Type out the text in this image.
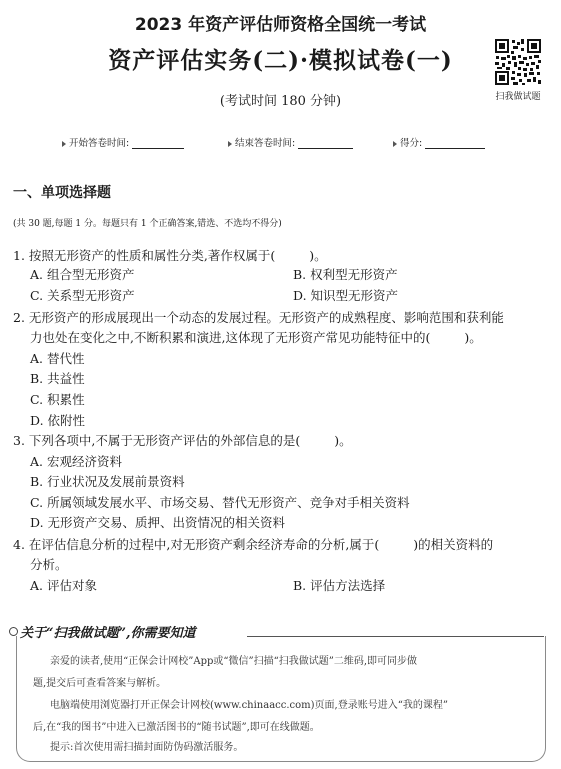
2023 年资产评估师资格全国统一考试
资产评估实务(二)·模拟试卷(一)
(考试时间 180 分钟)	扫我做试题
开始答卷时间:	结束答卷时间:	得分:
一、单项选择题
(共 30 题,每题 1 分。每题只有 1 个正确答案,错选、不选均不得分)
1. 按照无形资产的性质和属性分类,著作权属于(	)。
A. 组合型无形资产	B. 权利型无形资产
C. 关系型无形资产	D. 知识型无形资产
2. 无形资产的形成展现出一个动态的发展过程。无形资产的成熟程度、影响范围和获利能
力也处在变化之中,不断积累和演进,这体现了无形资产常见功能特征中的(	)。
A. 替代性
B. 共益性
C. 积累性
D. 依附性
3. 下列各项中,不属于无形资产评估的外部信息的是(	)。
A. 宏观经济资料
B. 行业状况及发展前景资料
C. 所属领域发展水平、市场交易、替代无形资产、竞争对手相关资料
D. 无形资产交易、质押、出资情况的相关资料
4. 在评估信息分析的过程中,对无形资产剩余经济寿命的分析,属于(	)的相关资料的
分析。
A. 评估对象	B. 评估方法选择
关于“扫我做试题”,你需要知道
亲爱的读者,使用“正保会计网校”App或“微信”扫描“扫我做试题”二维码,即可同步做
题,提交后可查看答案与解析。
电脑端使用浏览器打开正保会计网校(www.chinaacc.com)页面,登录账号进入“我的课程”
后,在“我的图书”中进入已激活图书的“随书试题”,即可在线做题。
提示:首次使用需扫描封面防伪码激活服务。
